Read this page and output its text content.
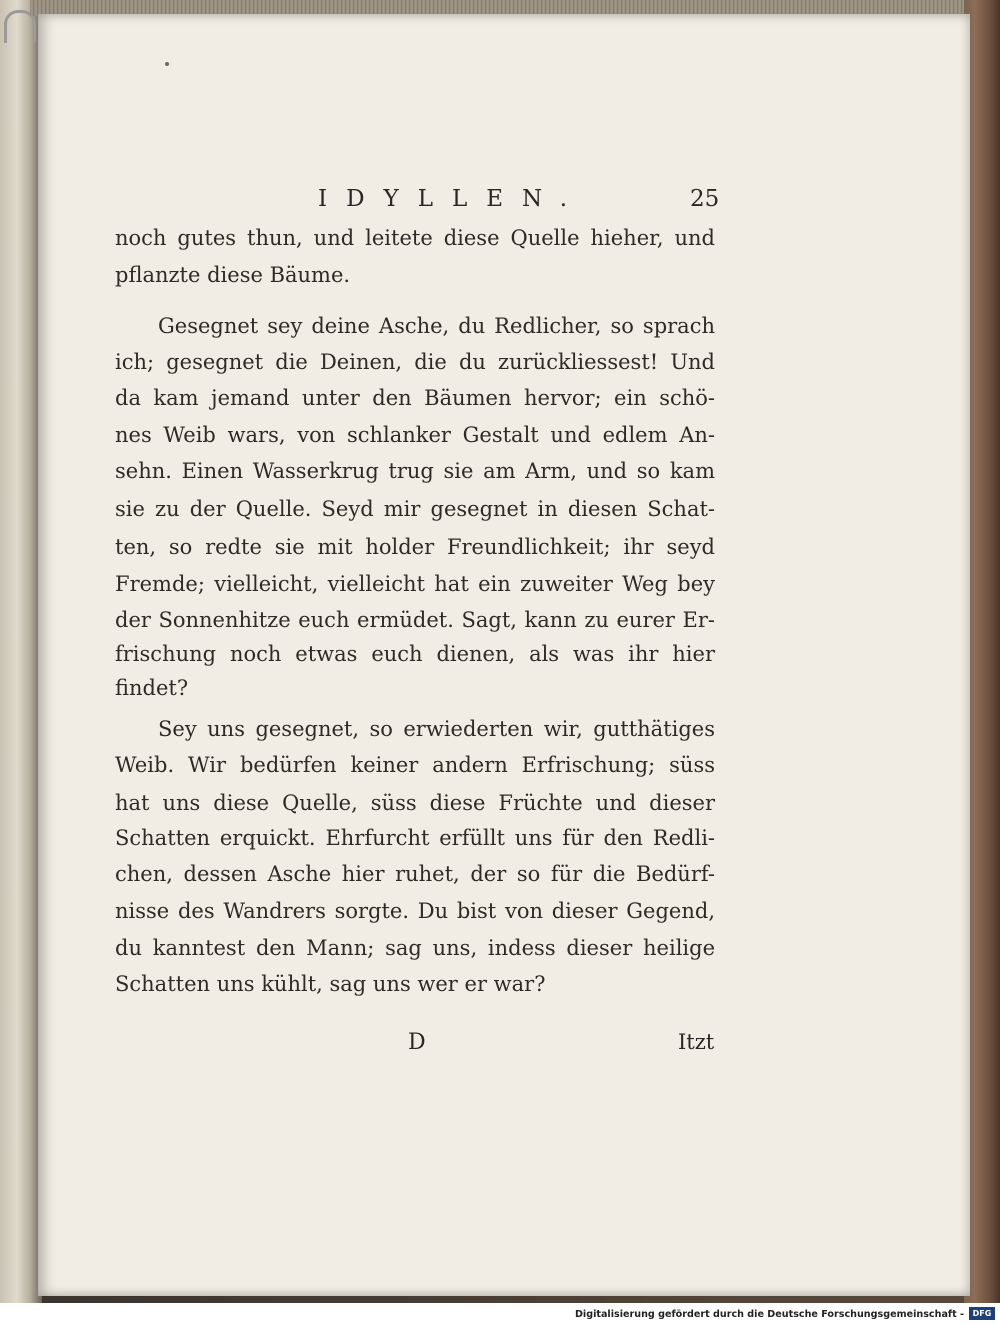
IDYLLEN.	25
noch gutes thun, und leitete diese Quelle hieher, und
pflanzte diese Bäume.
Gesegnet sey deine Asche, du Redlicher, so sprach
ich; gesegnet die Deinen, die du zurückliessest! Und
da kam jemand unter den Bäumen hervor; ein schö-
nes Weib wars, von schlanker Gestalt und edlem An-
sehn. Einen Wasserkrug trug sie am Arm, und so kam
sie zu der Quelle. Seyd mir gesegnet in diesen Schat-
ten, so redte sie mit holder Freundlichkeit; ihr seyd
Fremde; vielleicht, vielleicht hat ein zuweiter Weg bey
der Sonnenhitze euch ermüdet. Sagt, kann zu eurer Er-
frischung noch etwas euch dienen, als was ihr hier
findet?
Sey uns gesegnet, so erwiederten wir, gutthätiges
Weib. Wir bedürfen keiner andern Erfrischung; süss
hat uns diese Quelle, süss diese Früchte und dieser
Schatten erquickt. Ehrfurcht erfüllt uns für den Redli-
chen, dessen Asche hier ruhet, der so für die Bedürf-
nisse des Wandrers sorgte. Du bist von dieser Gegend,
du kanntest den Mann; sag uns, indess dieser heilige
Schatten uns kühlt, sag uns wer er war?
D	Itzt
Digitalisierung gefördert durch die Deutsche Forschungsgemeinschaft -	DFG
